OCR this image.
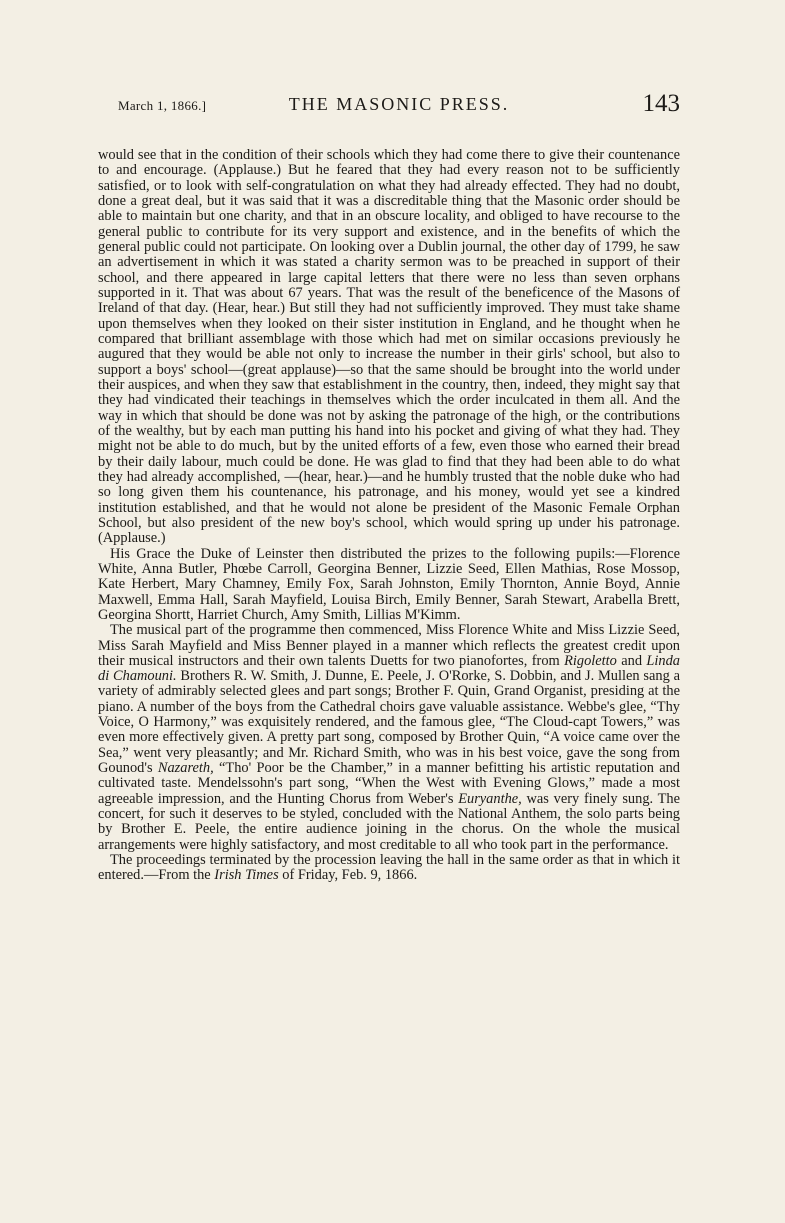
March 1, 1866.]	THE MASONIC PRESS.	143

would see that in the condition of their schools which they had come there to give their countenance to and encourage. (Applause.) But he feared that they had every reason not to be sufficiently satisfied, or to look with self-congratulation on what they had already effected. They had no doubt, done a great deal, but it was said that it was a discreditable thing that the Masonic order should be able to maintain but one charity, and that in an obscure locality, and obliged to have recourse to the general public to contribute for its very support and existence, and in the benefits of which the general public could not participate. On looking over a Dublin journal, the other day of 1799, he saw an advertisement in which it was stated a charity sermon was to be preached in support of their school, and there appeared in large capital letters that there were no less than seven orphans supported in it. That was about 67 years. That was the result of the beneficence of the Masons of Ireland of that day. (Hear, hear.) But still they had not sufficiently improved. They must take shame upon themselves when they looked on their sister institution in England, and he thought when he compared that brilliant assemblage with those which had met on similar occasions previously he augured that they would be able not only to increase the number in their girls' school, but also to support a boys' school—(great applause)—so that the same should be brought into the world under their auspices, and when they saw that establishment in the country, then, indeed, they might say that they had vindicated their teachings in themselves which the order inculcated in them all. And the way in which that should be done was not by asking the patronage of the high, or the contributions of the wealthy, but by each man putting his hand into his pocket and giving of what they had. They might not be able to do much, but by the united efforts of a few, even those who earned their bread by their daily labour, much could be done. He was glad to find that they had been able to do what they had already accomplished, —(hear, hear.)—and he humbly trusted that the noble duke who had so long given them his countenance, his patronage, and his money, would yet see a kindred institution established, and that he would not alone be president of the Masonic Female Orphan School, but also president of the new boy's school, which would spring up under his patronage. (Applause.)

His Grace the Duke of Leinster then distributed the prizes to the following pupils:—Florence White, Anna Butler, Phœbe Carroll, Georgina Benner, Lizzie Seed, Ellen Mathias, Rose Mossop, Kate Herbert, Mary Chamney, Emily Fox, Sarah Johnston, Emily Thornton, Annie Boyd, Annie Maxwell, Emma Hall, Sarah Mayfield, Louisa Birch, Emily Benner, Sarah Stewart, Arabella Brett, Georgina Shortt, Harriet Church, Amy Smith, Lillias M'Kimm.

The musical part of the programme then commenced, Miss Florence White and Miss Lizzie Seed, Miss Sarah Mayfield and Miss Benner played in a manner which reflects the greatest credit upon their musical instructors and their own talents Duetts for two pianofortes, from Rigoletto and Linda di Chamouni. Brothers R. W. Smith, J. Dunne, E. Peele, J. O'Rorke, S. Dobbin, and J. Mullen sang a variety of admirably selected glees and part songs; Brother F. Quin, Grand Organist, presiding at the piano. A number of the boys from the Cathedral choirs gave valuable assistance. Webbe's glee, “Thy Voice, O Harmony,” was exquisitely rendered, and the famous glee, “The Cloud-capt Towers,” was even more effectively given. A pretty part song, composed by Brother Quin, “A voice came over the Sea,” went very pleasantly; and Mr. Richard Smith, who was in his best voice, gave the song from Gounod's Nazareth, “Tho' Poor be the Chamber,” in a manner befitting his artistic reputation and cultivated taste. Mendelssohn's part song, “When the West with Evening Glows,” made a most agreeable impression, and the Hunting Chorus from Weber's Euryanthe, was very finely sung. The concert, for such it deserves to be styled, concluded with the National Anthem, the solo parts being by Brother E. Peele, the entire audience joining in the chorus. On the whole the musical arrangements were highly satisfactory, and most creditable to all who took part in the performance.

The proceedings terminated by the procession leaving the hall in the same order as that in which it entered.—From the Irish Times of Friday, Feb. 9, 1866.
